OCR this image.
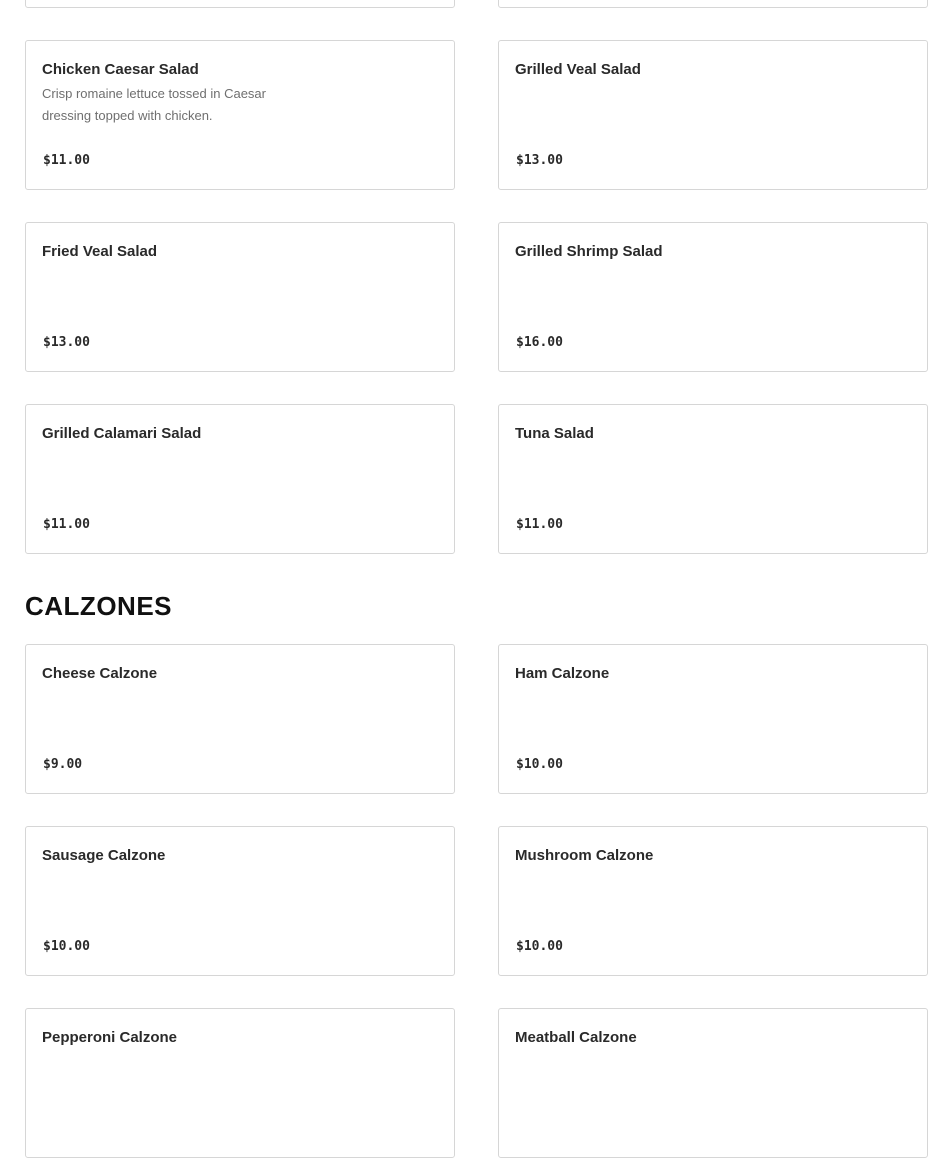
Chicken Caesar Salad

Crisp romaine lettuce tossed in Caesar dressing topped with chicken.

$11.00

Grilled Veal Salad

$13.00

Fried Veal Salad

$13.00

Grilled Shrimp Salad

$16.00

Grilled Calamari Salad

$11.00

Tuna Salad

$11.00
CALZONES

Cheese Calzone

$9.00

Ham Calzone

$10.00

Sausage Calzone

$10.00

Mushroom Calzone

$10.00

Pepperoni Calzone	Meatball Calzone
